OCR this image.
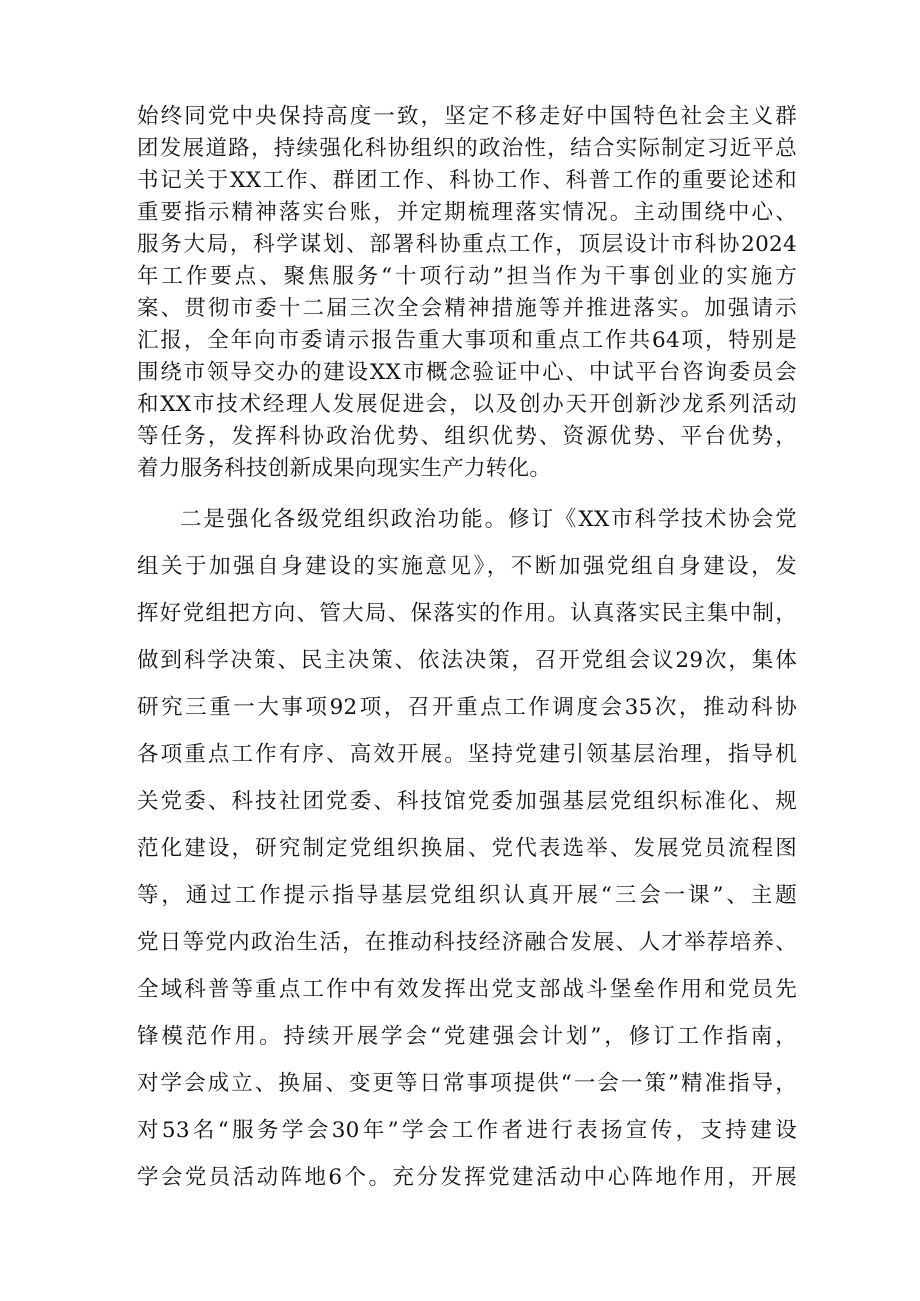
始终同党中央保持高度一致，坚定不移走好中国特色社会主义群
团发展道路，持续强化科协组织的政治性，结合实际制定习近平总
书记关于XX工作、群团工作、科协工作、科普工作的重要论述和
重要指示精神落实台账，并定期梳理落实情况。主动围绕中心、
服务大局，科学谋划、部署科协重点工作，顶层设计市科协2024
年工作要点、聚焦服务“十项行动”担当作为干事创业的实施方
案、贯彻市委十二届三次全会精神措施等并推进落实。加强请示
汇报，全年向市委请示报告重大事项和重点工作共64项，特别是
围绕市领导交办的建设XX市概念验证中心、中试平台咨询委员会
和XX市技术经理人发展促进会，以及创办天开创新沙龙系列活动
等任务，发挥科协政治优势、组织优势、资源优势、平台优势，
着力服务科技创新成果向现实生产力转化。
二是强化各级党组织政治功能。修订《XX市科学技术协会党
组关于加强自身建设的实施意见》，不断加强党组自身建设，发
挥好党组把方向、管大局、保落实的作用。认真落实民主集中制，
做到科学决策、民主决策、依法决策，召开党组会议29次，集体
研究三重一大事项92项，召开重点工作调度会35次，推动科协
各项重点工作有序、高效开展。坚持党建引领基层治理，指导机
关党委、科技社团党委、科技馆党委加强基层党组织标准化、规
范化建设，研究制定党组织换届、党代表选举、发展党员流程图
等，通过工作提示指导基层党组织认真开展“三会一课”、主题
党日等党内政治生活，在推动科技经济融合发展、人才举荐培养、
全域科普等重点工作中有效发挥出党支部战斗堡垒作用和党员先
锋模范作用。持续开展学会“党建强会计划”，修订工作指南，
对学会成立、换届、变更等日常事项提供“一会一策”精准指导，
对53名“服务学会30年”学会工作者进行表扬宣传，支持建设
学会党员活动阵地6个。充分发挥党建活动中心阵地作用，开展
